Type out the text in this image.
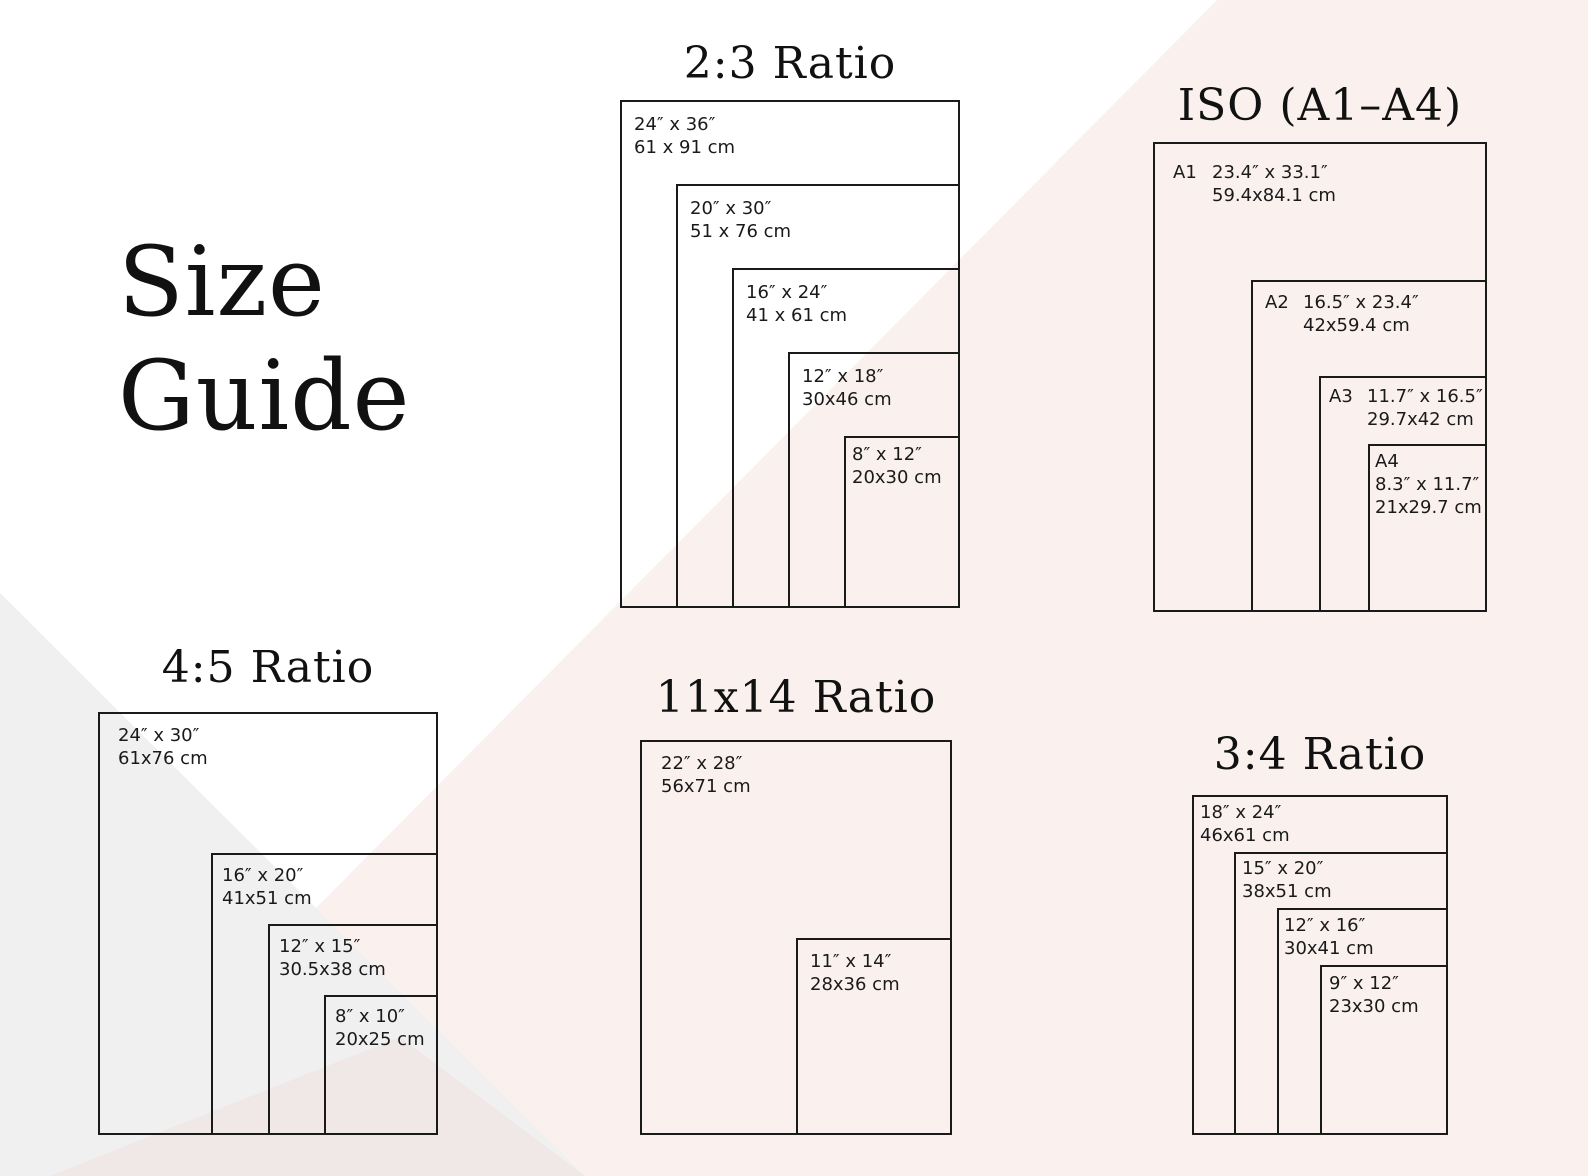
Size
Guide
2:3 Ratio
24″ x 36″
61 x 91 cm
20″ x 30″
51 x 76 cm
16″ x 24″
41 x 61 cm
12″ x 18″
30x46 cm
8″ x 12″
20x30 cm
ISO (A1–A4)
A1 23.4″ x 33.1″
59.4x84.1 cm
A2 16.5″ x 23.4″
42x59.4 cm
A3 11.7″ x 16.5″
29.7x42 cm
A4
8.3″ x 11.7″
21x29.7 cm
4:5 Ratio
24″ x 30″
61x76 cm
16″ x 20″
41x51 cm
12″ x 15″
30.5x38 cm
8″ x 10″
20x25 cm
11x14 Ratio
22″ x 28″
56x71 cm
11″ x 14″
28x36 cm
3:4 Ratio
18″ x 24″
46x61 cm
15″ x 20″
38x51 cm
12″ x 16″
30x41 cm
9″ x 12″
23x30 cm
